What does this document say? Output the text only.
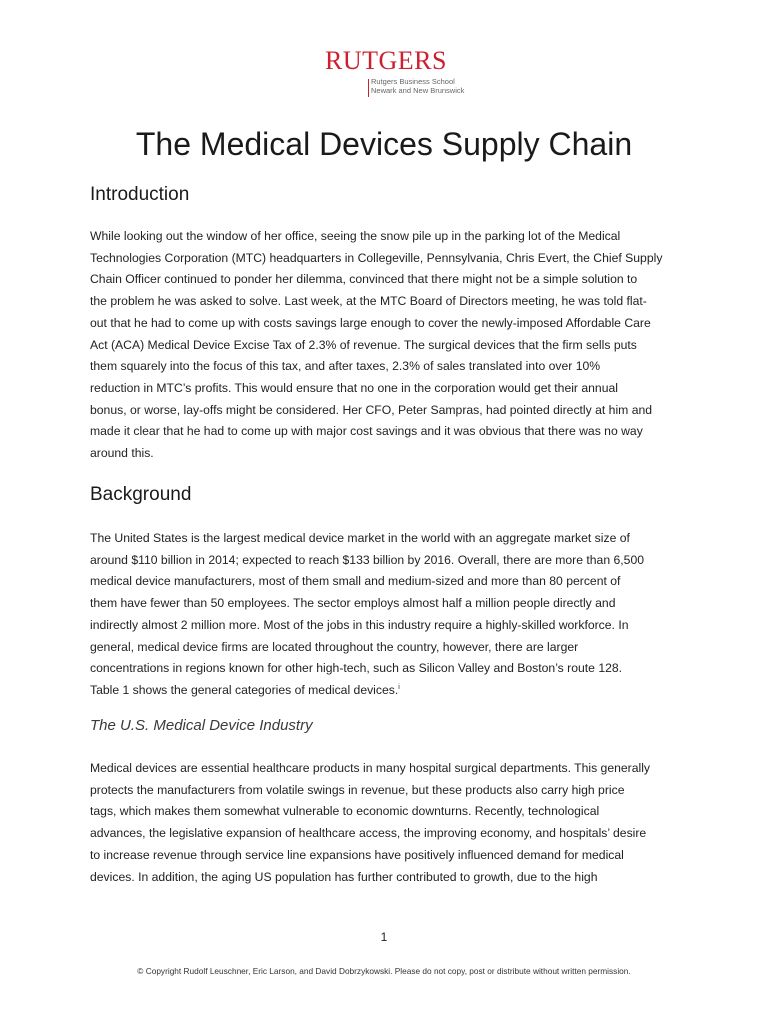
RUTGERS
Rutgers Business School
Newark and New Brunswick
The Medical Devices Supply Chain
Introduction
While looking out the window of her office, seeing the snow pile up in the parking lot of the Medical
Technologies Corporation (MTC) headquarters in Collegeville, Pennsylvania, Chris Evert, the Chief Supply
Chain Officer continued to ponder her dilemma, convinced that there might not be a simple solution to
the problem he was asked to solve. Last week, at the MTC Board of Directors meeting, he was told flat-
out that he had to come up with costs savings large enough to cover the newly-imposed Affordable Care
Act (ACA) Medical Device Excise Tax of 2.3% of revenue. The surgical devices that the firm sells puts
them squarely into the focus of this tax, and after taxes, 2.3% of sales translated into over 10%
reduction in MTC’s profits. This would ensure that no one in the corporation would get their annual
bonus, or worse, lay-offs might be considered. Her CFO, Peter Sampras, had pointed directly at him and
made it clear that he had to come up with major cost savings and it was obvious that there was no way
around this.
Background
The United States is the largest medical device market in the world with an aggregate market size of
around $110 billion in 2014; expected to reach $133 billion by 2016. Overall, there are more than 6,500
medical device manufacturers, most of them small and medium-sized and more than 80 percent of
them have fewer than 50 employees. The sector employs almost half a million people directly and
indirectly almost 2 million more. Most of the jobs in this industry require a highly-skilled workforce. In
general, medical device firms are located throughout the country, however, there are larger
concentrations in regions known for other high-tech, such as Silicon Valley and Boston’s route 128.
Table 1 shows the general categories of medical devices.$^i$
The U.S. Medical Device Industry
Medical devices are essential healthcare products in many hospital surgical departments. This generally
protects the manufacturers from volatile swings in revenue, but these products also carry high price
tags, which makes them somewhat vulnerable to economic downturns. Recently, technological
advances, the legislative expansion of healthcare access, the improving economy, and hospitals’ desire
to increase revenue through service line expansions have positively influenced demand for medical
devices. In addition, the aging US population has further contributed to growth, due to the high
1
© Copyright Rudolf Leuschner, Eric Larson, and David Dobrzykowski. Please do not copy, post or distribute without written permission.
